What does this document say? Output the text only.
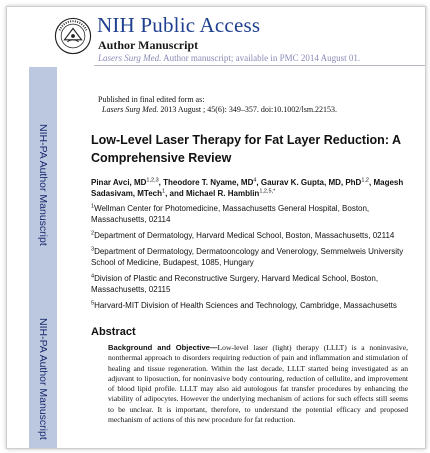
NIH Public Access
Author Manuscript
Lasers Surg Med. Author manuscript; available in PMC 2014 August 01.
NIH-PA Author Manuscript
NIH-PA Author Manuscript
Published in final edited form as:
Lasers Surg Med. 2013 August ; 45(6): 349–357. doi:10.1002/lsm.22153.
Low-Level Laser Therapy for Fat Layer Reduction: A Comprehensive Review
Pinar Avci, MD$^{1,2,3}$, Theodore T. Nyame, $MD^4$, Gaurav K. Gupta, MD, PhD$^{1,2}$, Magesh Sadasivam, MTech$^1$, and Michael R. Hamblin$^{1,2,5,*}$

$^1$Wellman Center for Photomedicine, Massachusetts General Hospital, Boston, Massachusetts, 02114

$^2$Department of Dermatology, Harvard Medical School, Boston, Massachusetts, 02114

$^3$Department of Dermatology, Dermatooncology and Venerology, Semmelweis University School of Medicine, Budapest, 1085, Hungary

$^4$Division of Plastic and Reconstructive Surgery, Harvard Medical School, Boston, Massachusetts, 02115

$^5$Harvard-MIT Division of Health Sciences and Technology, Cambridge, Massachusetts

Abstract
Background and Objective—Low-level laser (light) therapy (LLLT) is a noninvasive, nonthermal approach to disorders requiring reduction of pain and inflammation and stimulation of healing and tissue regeneration. Within the last decade, LLLT started being investigated as an adjuvant to liposuction, for noninvasive body contouring, reduction of cellulite, and improvement of blood lipid profile. LLLT may also aid autologous fat transfer procedures by enhancing the viability of adipocytes. However the underlying mechanism of actions for such effects still seems to be unclear. It is important, therefore, to understand the potential efficacy and proposed mechanism of actions of this new procedure for fat reduction.
